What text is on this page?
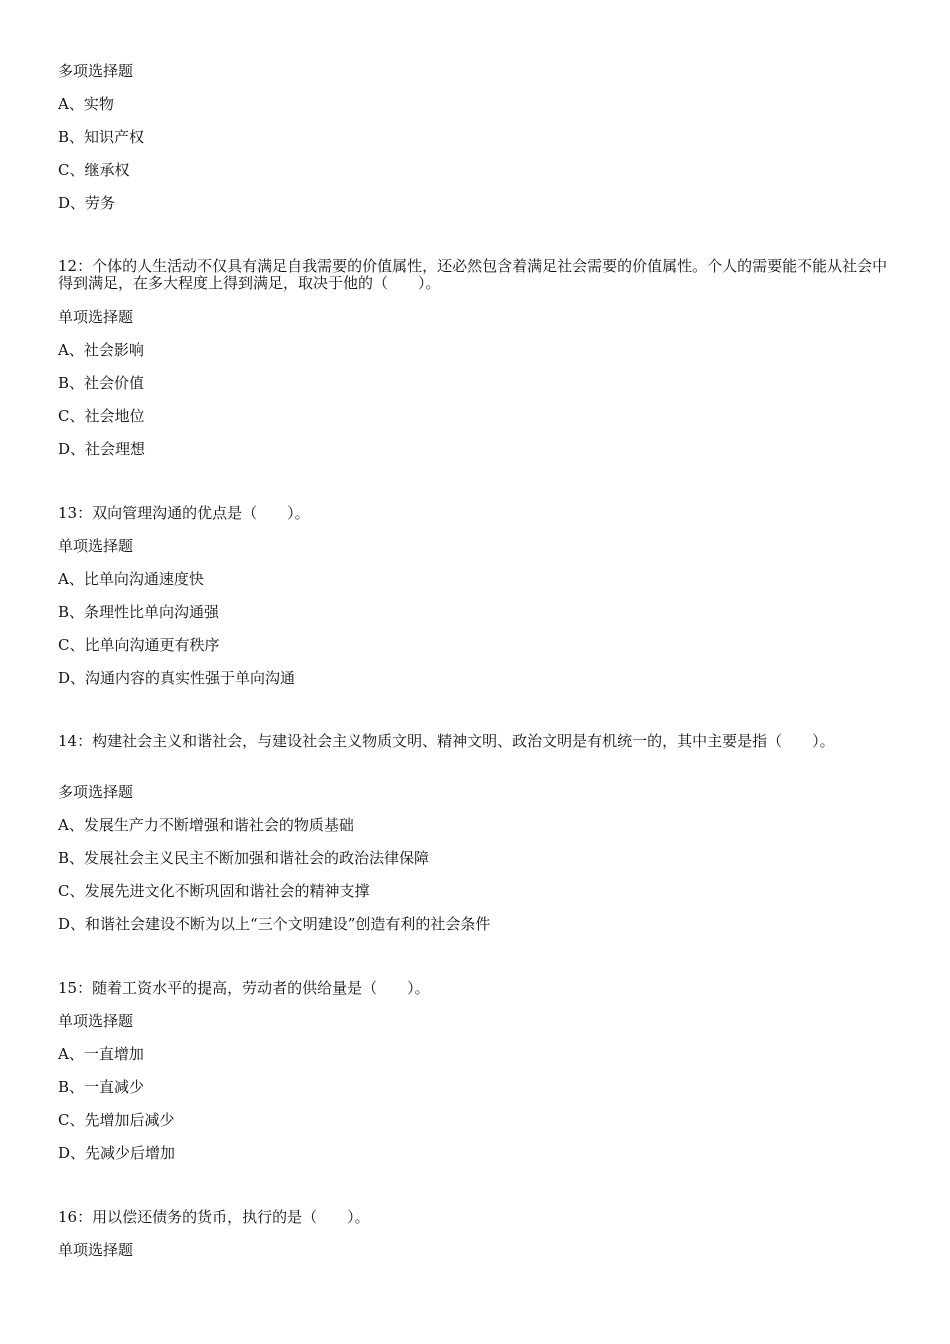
多项选择题
A、实物
B、知识产权
C、继承权
D、劳务
12：个体的人生活动不仅具有满足自我需要的价值属性，还必然包含着满足社会需要的价值属性。个人的需要能不能从社会中得到满足，在多大程度上得到满足，取决于他的（　　）。
单项选择题
A、社会影响
B、社会价值
C、社会地位
D、社会理想
13：双向管理沟通的优点是（　　）。
单项选择题
A、比单向沟通速度快
B、条理性比单向沟通强
C、比单向沟通更有秩序
D、沟通内容的真实性强于单向沟通
14：构建社会主义和谐社会，与建设社会主义物质文明、精神文明、政治文明是有机统一的，其中主要是指（　　）。
多项选择题
A、发展生产力不断增强和谐社会的物质基础
B、发展社会主义民主不断加强和谐社会的政治法律保障
C、发展先进文化不断巩固和谐社会的精神支撑
D、和谐社会建设不断为以上“三个文明建设”创造有利的社会条件
15：随着工资水平的提高，劳动者的供给量是（　　）。
单项选择题
A、一直增加
B、一直减少
C、先增加后减少
D、先减少后增加
16：用以偿还债务的货币，执行的是（　　）。
单项选择题
